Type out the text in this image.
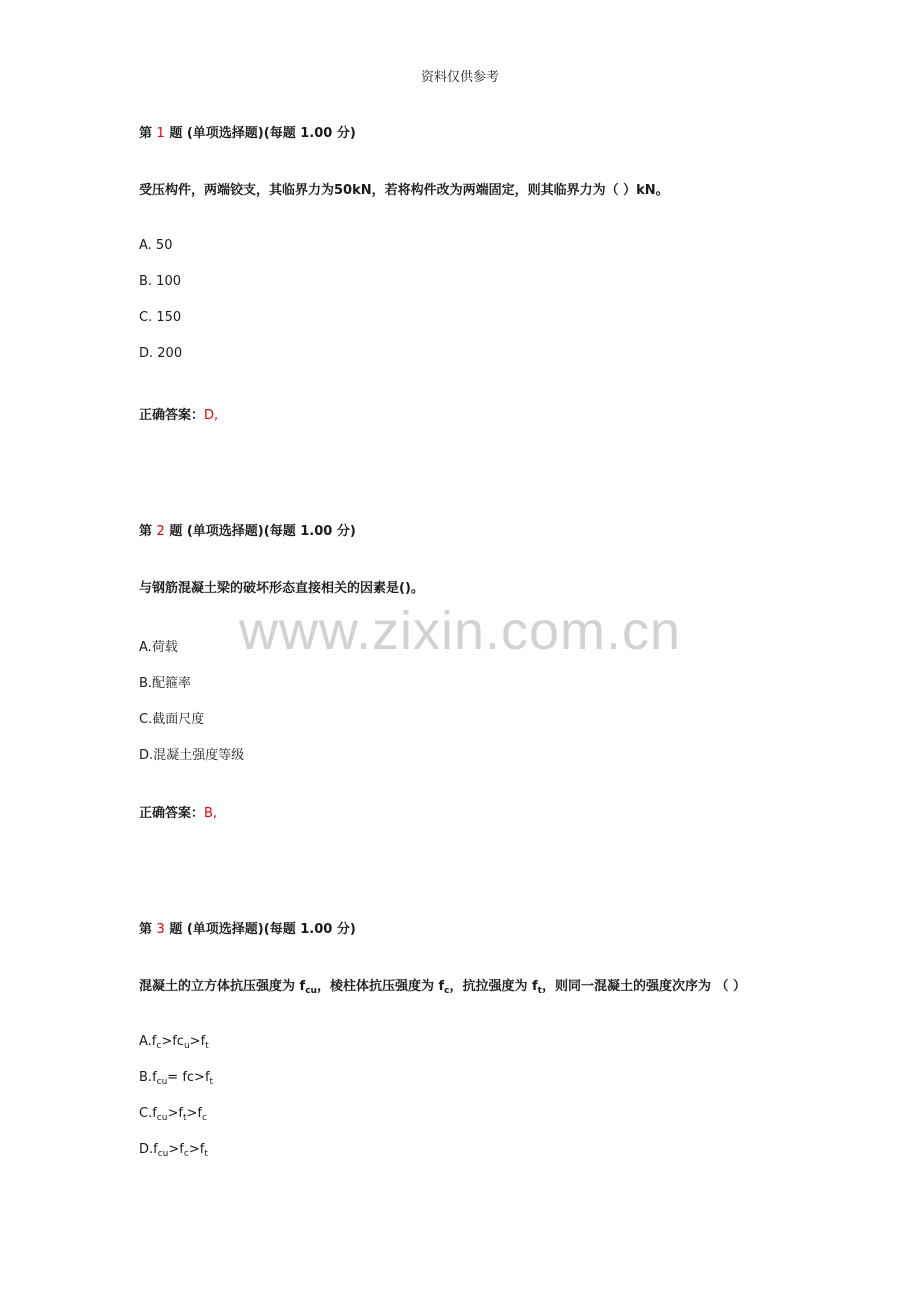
资料仅供参考
www.zixin.com.cn
第 1 题 (单项选择题)(每题 1.00 分)
受压构件，两端铰支，其临界力为50kN，若将构件改为两端固定，则其临界力为（ ）kN。
A. 50
B. 100
C. 150
D. 200
正确答案：D,
第 2 题 (单项选择题)(每题 1.00 分)
与钢筋混凝土梁的破坏形态直接相关的因素是()。
A.荷载
B.配箍率
C.截面尺度
D.混凝土强度等级
正确答案：B,
第 3 题 (单项选择题)(每题 1.00 分)
混凝土的立方体抗压强度为 $f_{cu}$，棱柱体抗压强度为 $f_c$，抗拉强度为 $f_t$，则同一混凝土的强度次序为 （ ）
$A.f_c>fc_u>f_t$
$B.f_{cu}= fc>f_t$
$C.f_{cu}>f_t>f_c$
$D.f_{cu}>f_c>f_t$
